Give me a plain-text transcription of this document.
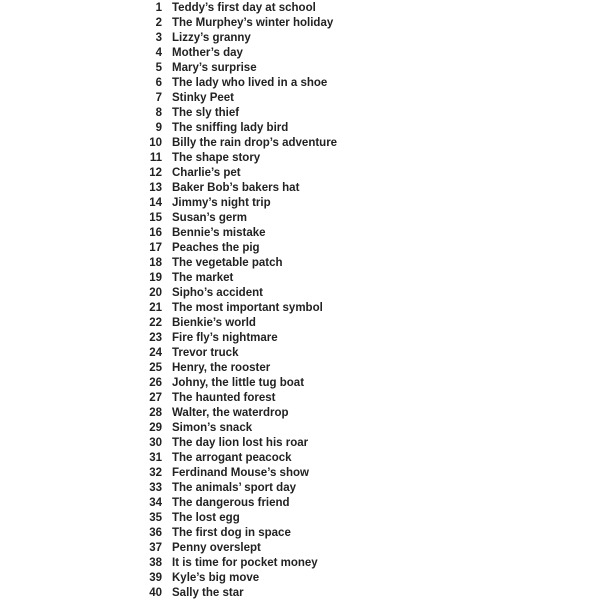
1 Teddy’s first day at school
2 The Murphey’s winter holiday
3 Lizzy’s granny
4 Mother’s day
5 Mary’s surprise
6 The lady who lived in a shoe
7 Stinky Peet
8 The sly thief
9 The sniffing lady bird
10 Billy the rain drop’s adventure
11 The shape story
12 Charlie’s pet
13 Baker Bob’s bakers hat
14 Jimmy’s night trip
15 Susan’s germ
16 Bennie’s mistake
17 Peaches the pig
18 The vegetable patch
19 The market
20 Sipho’s accident
21 The most important symbol
22 Bienkie’s world
23 Fire fly’s nightmare
24 Trevor truck
25 Henry, the rooster
26 Johny, the little tug boat
27 The haunted forest
28 Walter, the waterdrop
29 Simon’s snack
30 The day lion lost his roar
31 The arrogant peacock
32 Ferdinand Mouse’s show
33 The animals’ sport day
34 The dangerous friend
35 The lost egg
36 The first dog in space
37 Penny overslept
38 It is time for pocket money
39 Kyle’s big move
40 Sally the star
